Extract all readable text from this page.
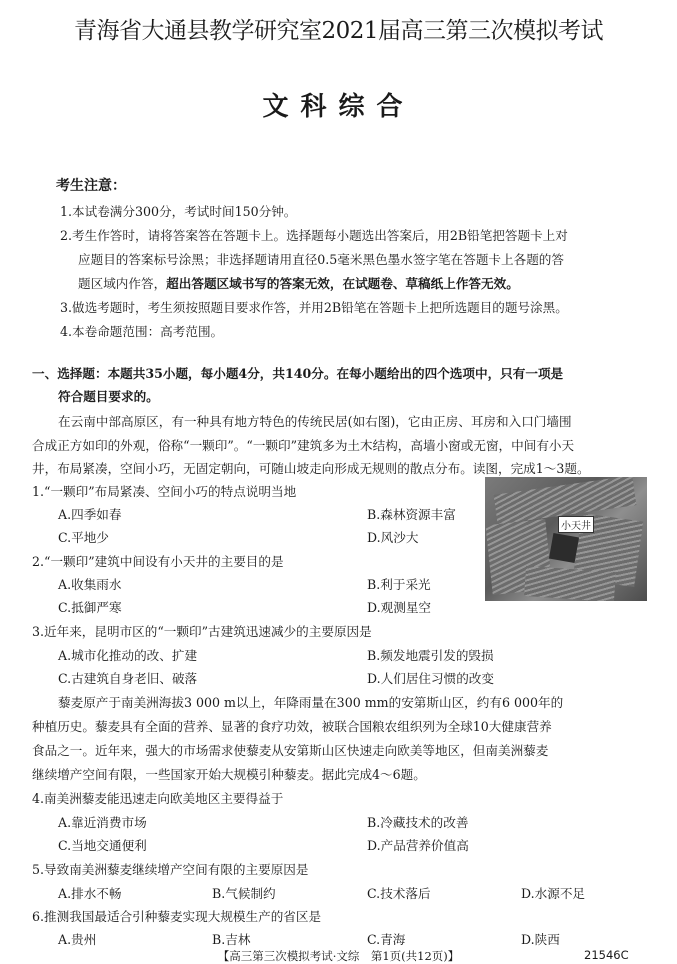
青海省大通县教学研究室2021届高三第三次模拟考试
文科综合
考生注意：
1.本试卷满分300分，考试时间150分钟。
2.考生作答时，请将答案答在答题卡上。选择题每小题选出答案后，用2B铅笔把答题卡上对
应题目的答案标号涂黑；非选择题请用直径0.5毫米黑色墨水签字笔在答题卡上各题的答
题区域内作答，超出答题区域书写的答案无效，在试题卷、草稿纸上作答无效。
3.做选考题时，考生须按照题目要求作答，并用2B铅笔在答题卡上把所选题目的题号涂黑。
4.本卷命题范围：高考范围。
一、选择题：本题共35小题，每小题4分，共140分。在每小题给出的四个选项中，只有一项是
符合题目要求的。
在云南中部高原区，有一种具有地方特色的传统民居(如右图)，它由正房、耳房和入口门墙围
合成正方如印的外观，俗称“一颗印”。“一颗印”建筑多为土木结构，高墙小窗或无窗，中间有小天
井，布局紧凑，空间小巧，无固定朝向，可随山坡走向形成无规则的散点分布。读图，完成1～3题。
小天井
1.“一颗印”布局紧凑、空间小巧的特点说明当地
A.四季如春	B.森林资源丰富
C.平地少	D.风沙大
2.“一颗印”建筑中间设有小天井的主要目的是
A.收集雨水	B.利于采光
C.抵御严寒	D.观测星空
3.近年来，昆明市区的“一颗印”古建筑迅速减少的主要原因是
A.城市化推动的改、扩建	B.频发地震引发的毁损
C.古建筑自身老旧、破落	D.人们居住习惯的改变
藜麦原产于南美洲海拔3 000 m以上，年降雨量在300 mm的安第斯山区，约有6 000年的
种植历史。藜麦具有全面的营养、显著的食疗功效，被联合国粮农组织列为全球10大健康营养
食品之一。近年来，强大的市场需求使藜麦从安第斯山区快速走向欧美等地区，但南美洲藜麦
继续增产空间有限，一些国家开始大规模引种藜麦。据此完成4～6题。
4.南美洲藜麦能迅速走向欧美地区主要得益于
A.靠近消费市场	B.冷藏技术的改善
C.当地交通便利	D.产品营养价值高
5.导致南美洲藜麦继续增产空间有限的主要原因是
A.排水不畅	B.气候制约	C.技术落后	D.水源不足
6.推测我国最适合引种藜麦实现大规模生产的省区是
A.贵州	B.吉林	C.青海	D.陕西
【高三第三次模拟考试·文综　第1页(共12页)】	21546C
